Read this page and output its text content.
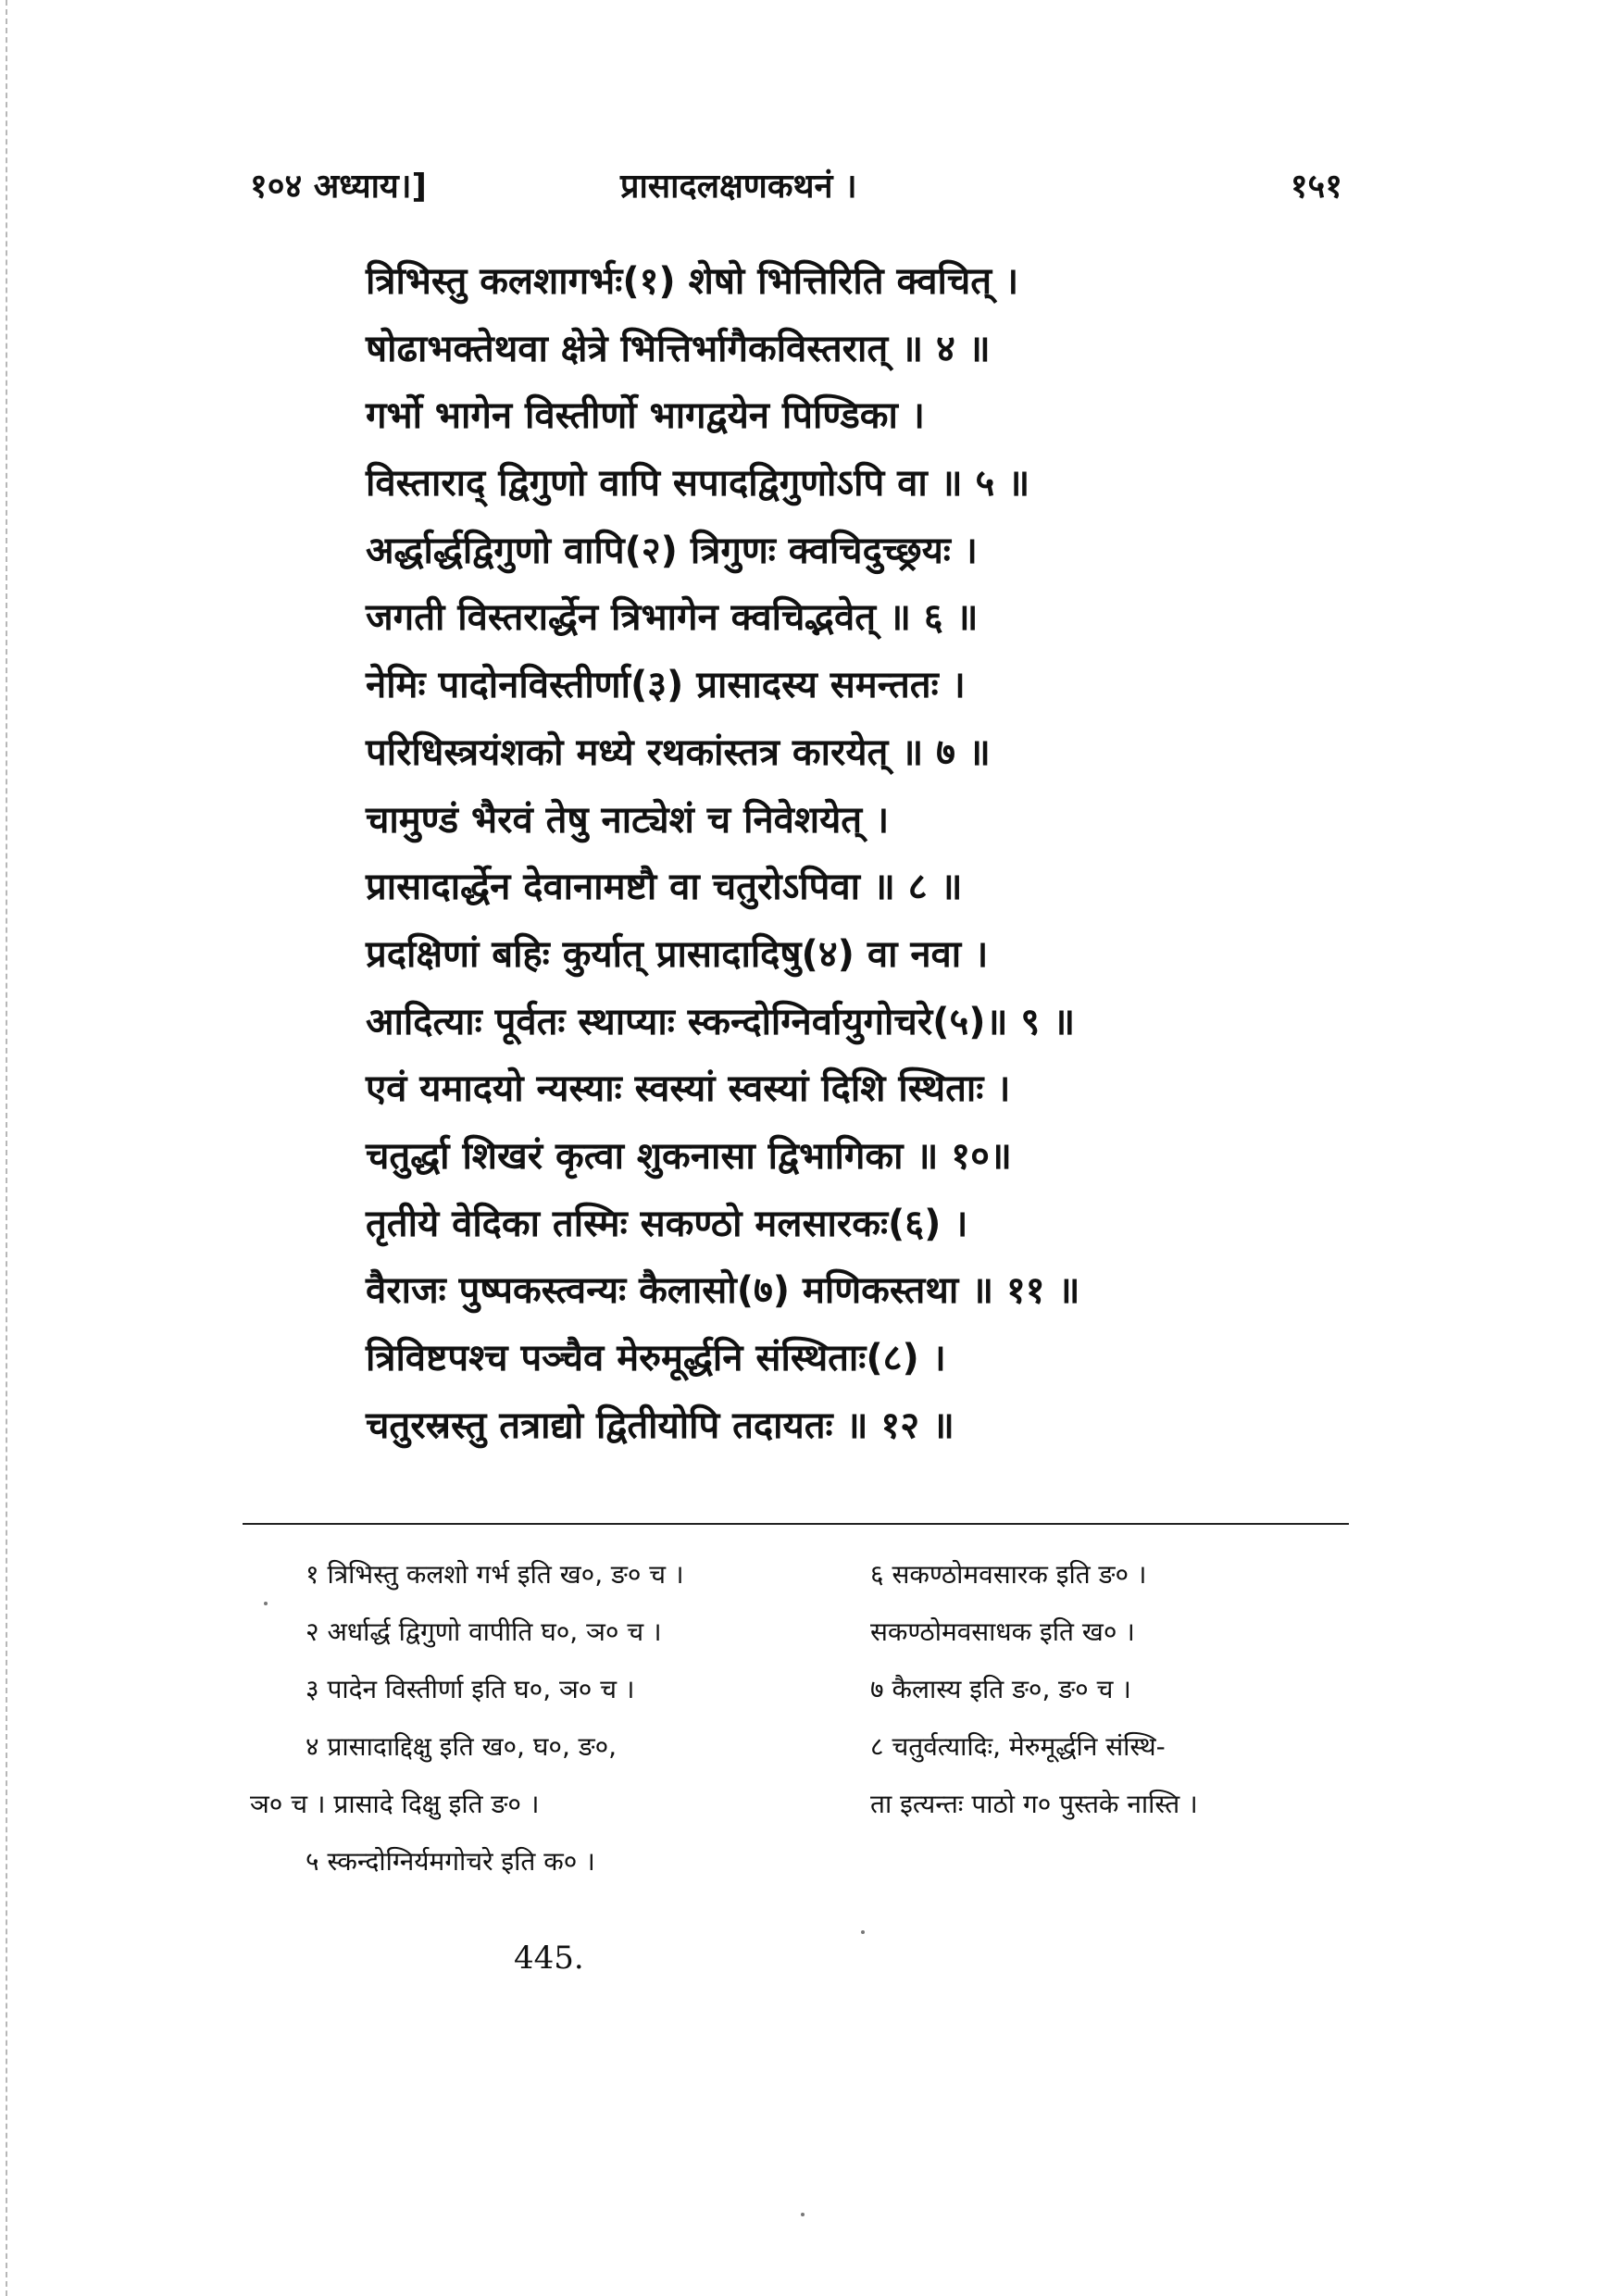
१०४ अध्याय।]	प्रासादलक्षणकथनं ।	१५१
त्रिभिस्तु कलशागर्भः(१) शेषो भित्तिरिति क्वचित् ।
षोढाभक्तेथवा क्षेत्रे भित्तिर्भागैकविस्तरात् ॥ ४ ॥
गर्भो भागेन विस्तीर्णो भागद्वयेन पिण्डिका ।
विस्ताराद् द्विगुणो वापि सपादद्विगुणोऽपि वा ॥ ५ ॥
अर्द्धार्द्धद्विगुणो वापि(२) त्रिगुणः क्वचिदुच्छ्रयः ।
जगती विस्तरार्द्धेन त्रिभागेन क्वचिद्भवेत् ॥ ६ ॥
नेमिः पादोनविस्तीर्णा(३) प्रासादस्य समन्ततः ।
परिधिस्त्रयंशको मध्ये रथकांस्तत्र कारयेत् ॥ ७ ॥
चामुण्डं भैरवं तेषु नाट्येशं च निवेशयेत् ।
प्रासादार्द्धेन देवानामष्टौ वा चतुरोऽपिवा ॥ ८ ॥
प्रदक्षिणां बहिः कुर्यात् प्रासादादिषु(४) वा नवा ।
आदित्याः पूर्वतः स्थाप्याः स्कन्दोग्निर्वायुगोचरे(५)॥ ९ ॥
एवं यमादयो न्यस्याः स्वस्यां स्वस्यां दिशि स्थिताः ।
चतुर्द्धा शिखरं कृत्वा शुकनासा द्विभागिका ॥ १०॥
तृतीये वेदिका तस्मिः सकण्ठो मलसारकः(६) ।
वैराजः पुष्पकस्त्वन्यः कैलासो(७) मणिकस्तथा ॥ ११ ॥
त्रिविष्टपश्च पञ्चैव मेरुमूर्द्धनि संस्थिताः(८) ।
चतुरस्रस्तु तत्राद्यो द्वितीयोपि तदायतः ॥ १२ ॥
१ त्रिभिस्तु कलशो गर्भ इति ख०, ङ० च ।
२ अर्धार्द्ध द्विगुणो वापीति घ०, ञ० च ।
३ पादेन विस्तीर्णा इति घ०, ञ० च ।
४ प्रासादाद्दिक्षु इति ख०, घ०, ङ०,
ञ० च । प्रासादे दिक्षु इति ङ० ।
५ स्कन्दोग्निर्यमगोचरे इति क० ।
६ सकण्ठोमवसारक इति ङ० ।
सकण्ठोमवसाधक इति ख० ।
७ कैलास्य इति ङ०, ङ० च ।
८ चतुर्वत्यादिः, मेरुमूर्द्धनि संस्थि-
ता इत्यन्तः पाठो ग० पुस्तके नास्ति ।
445.
